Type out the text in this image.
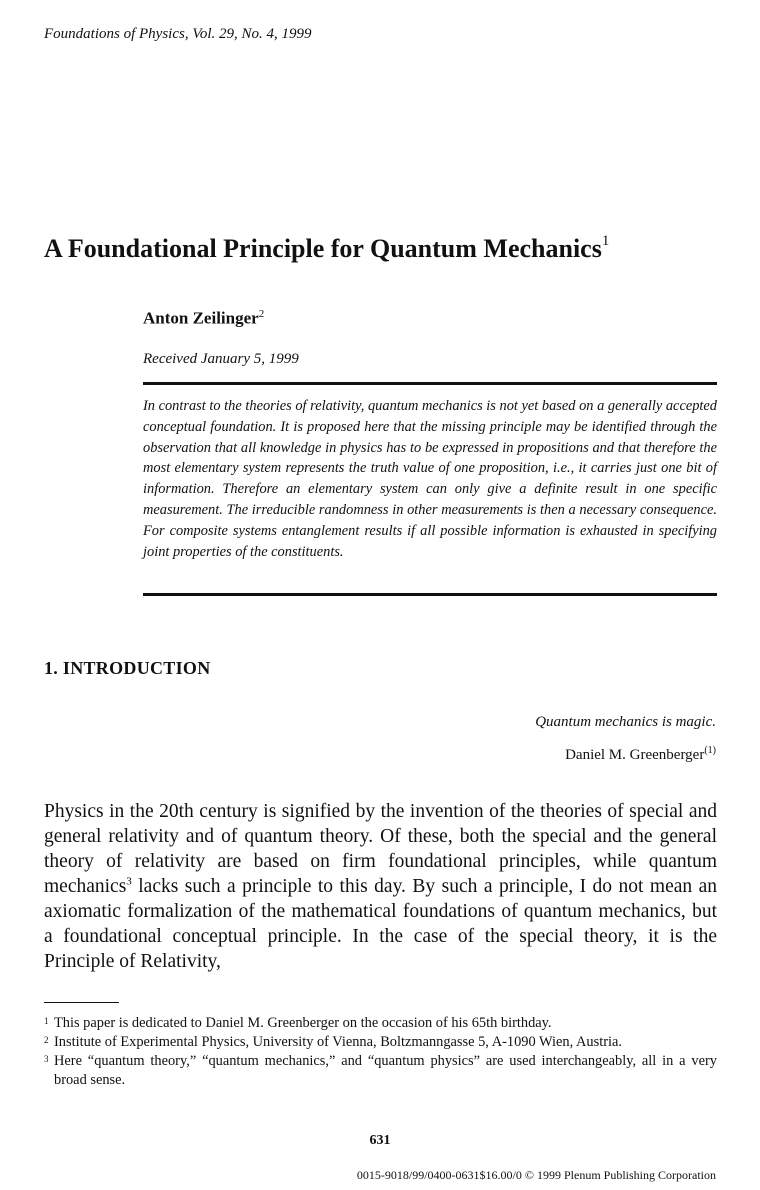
Foundations of Physics, Vol. 29, No. 4, 1999
A Foundational Principle for Quantum Mechanics$^1$
Anton Zeilinger$^2$
Received January 5, 1999
In contrast to the theories of relativity, quantum mechanics is not yet based on a generally accepted conceptual foundation. It is proposed here that the missing principle may be identified through the observation that all knowledge in physics has to be expressed in propositions and that therefore the most elementary system represents the truth value of one proposition, i.e., it carries just one bit of information. Therefore an elementary system can only give a definite result in one specific measurement. The irreducible randomness in other measurements is then a necessary consequence. For composite systems entanglement results if all possible information is exhausted in specifying joint properties of the constituents.
1. INTRODUCTION
Quantum mechanics is magic.
Daniel M. Greenberger$^{(1)}$
Physics in the 20th century is signified by the invention of the theories of special and general relativity and of quantum theory. Of these, both the special and the general theory of relativity are based on firm foundational principles, while quantum mechanics$^3$ lacks such a principle to this day. By such a principle, I do not mean an axiomatic formalization of the mathematical foundations of quantum mechanics, but a foundational conceptual principle. In the case of the special theory, it is the Principle of Relativity,
1 This paper is dedicated to Daniel M. Greenberger on the occasion of his 65th birthday.
2 Institute of Experimental Physics, University of Vienna, Boltzmanngasse 5, A-1090 Wien, Austria.
3 Here “quantum theory,” “quantum mechanics,” and “quantum physics” are used interchangeably, all in a very broad sense.
631
0015-9018/99/0400-0631$16.00/0 © 1999 Plenum Publishing Corporation
